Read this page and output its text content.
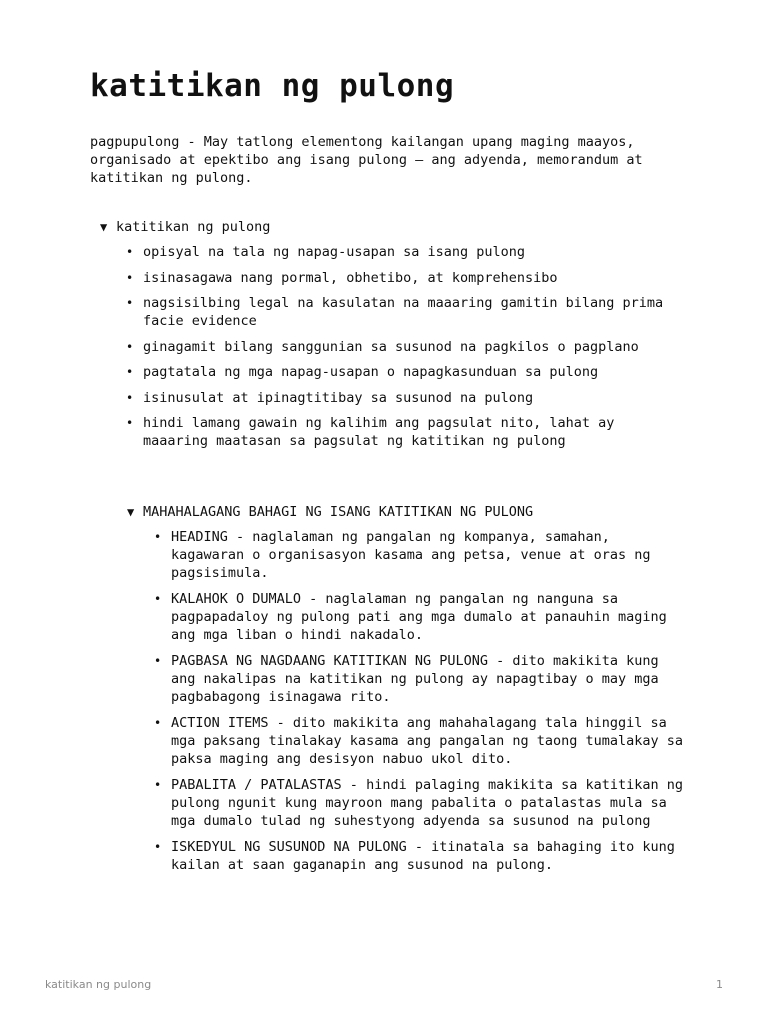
katitikan ng pulong

pagpupulong - May tatlong elementong kailangan upang maging maayos, organisado at epektibo ang isang pulong – ang adyenda, memorandum at katitikan ng pulong.

▼ katitikan ng pulong
• opisyal na tala ng napag-usapan sa isang pulong
• isinasagawa nang pormal, obhetibo, at komprehensibo
• nagsisilbing legal na kasulatan na maaaring gamitin bilang prima facie evidence
• ginagamit bilang sanggunian sa susunod na pagkilos o pagplano
• pagtatala ng mga napag-usapan o napagkasunduan sa pulong
• isinusulat at ipinagtitibay sa susunod na pulong
• hindi lamang gawain ng kalihim ang pagsulat nito, lahat ay maaaring maatasan sa pagsulat ng katitikan ng pulong
▼ MAHAHALAGANG BAHAGI NG ISANG KATITIKAN NG PULONG
• HEADING - naglalaman ng pangalan ng kompanya, samahan, kagawaran o organisasyon kasama ang petsa, venue at oras ng pagsisimula.
• KALAHOK O DUMALO - naglalaman ng pangalan ng nanguna sa pagpapadaloy ng pulong pati ang mga dumalo at panauhin maging ang mga liban o hindi nakadalo.
• PAGBASA NG NAGDAANG KATITIKAN NG PULONG - dito makikita kung ang nakalipas na katitikan ng pulong ay napagtibay o may mga pagbabagong isinagawa rito.
• ACTION ITEMS - dito makikita ang mahahalagang tala hinggil sa mga paksang tinalakay kasama ang pangalan ng taong tumalakay sa paksa maging ang desisyon nabuo ukol dito.
• PABALITA / PATALASTAS - hindi palaging makikita sa katitikan ng pulong ngunit kung mayroon mang pabalita o patalastas mula sa mga dumalo tulad ng suhestyong adyenda sa susunod na pulong
• ISKEDYUL NG SUSUNOD NA PULONG - itinatala sa bahaging ito kung kailan at saan gaganapin ang susunod na pulong.
katitikan ng pulong	1
